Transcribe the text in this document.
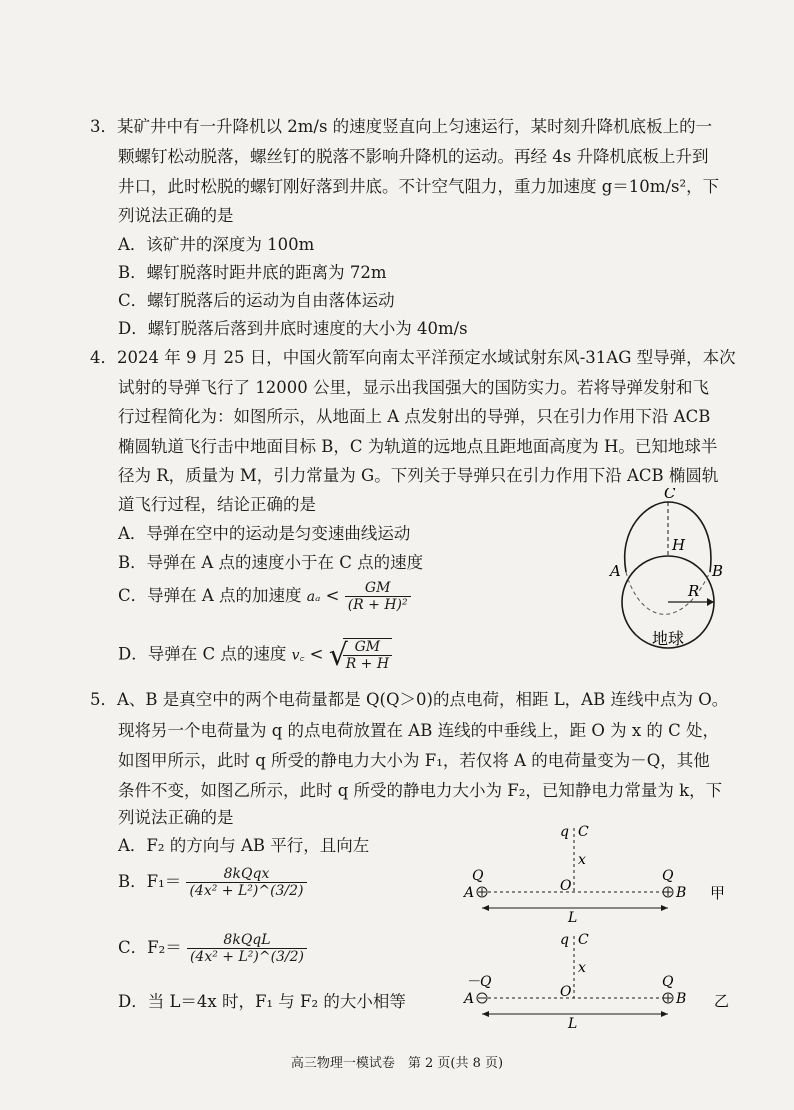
3．某矿井中有一升降机以 2m/s 的速度竖直向上匀速运行，某时刻升降机底板上的一
颗螺钉松动脱落，螺丝钉的脱落不影响升降机的运动。再经 4s 升降机底板上升到
井口，此时松脱的螺钉刚好落到井底。不计空气阻力，重力加速度 g＝10m/s²，下
列说法正确的是
A．该矿井的深度为 100m
B．螺钉脱落时距井底的距离为 72m
C．螺钉脱落后的运动为自由落体运动
D．螺钉脱落后落到井底时速度的大小为 40m/s
4．2024 年 9 月 25 日，中国火箭军向南太平洋预定水域试射东风-31AG 型导弹，本次
试射的导弹飞行了 12000 公里，显示出我国强大的国防实力。若将导弹发射和飞
行过程简化为：如图所示，从地面上 A 点发射出的导弹，只在引力作用下沿 ACB
椭圆轨道飞行击中地面目标 B，C 为轨道的远地点且距地面高度为 H。已知地球半
径为 R，质量为 M，引力常量为 G。下列关于导弹只在引力作用下沿 ACB 椭圆轨
道飞行过程，结论正确的是
A．导弹在空中的运动是匀变速曲线运动
B．导弹在 A 点的速度小于在 C 点的速度
C．导弹在 A 点的加速度 $a_a < \frac{GM}{\text{(R + H)²}}$
D．导弹在 C 点的速度 v꜀ < √
$\frac{GM}{R + H}$
C
H
A	B
R
地球
5．A、B 是真空中的两个电荷量都是 Q(Q＞0)的点电荷，相距 L，AB 连线中点为 O。
现将另一个电荷量为 q 的点电荷放置在 AB 连线的中垂线上，距 O 为 x 的 C 处，
如图甲所示，此时 q 所受的静电力大小为 F₁，若仅将 A 的电荷量变为－Q，其他
条件不变，如图乙所示，此时 q 所受的静电力大小为 F₂，已知静电力常量为 k，下
列说法正确的是
A．F₂ 的方向与 AB 平行，且向左
B．$F_1= \frac{\text{8kQqx}}{\text{(4x² + L²)\textasciicircum{}(3/2)}}$
C．$F_2= \frac{\text{8kQqL}}{\text{(4x² + L²)\textasciicircum{}(3/2)}}$
D．当 L＝4x 时，F₁ 与 F₂ 的大小相等
q C
x
Q	Q
A	B
O
L
甲
q C
x
－Q	Q
A	B
O
L
乙
高三物理一模试卷　第 2 页(共 8 页)
